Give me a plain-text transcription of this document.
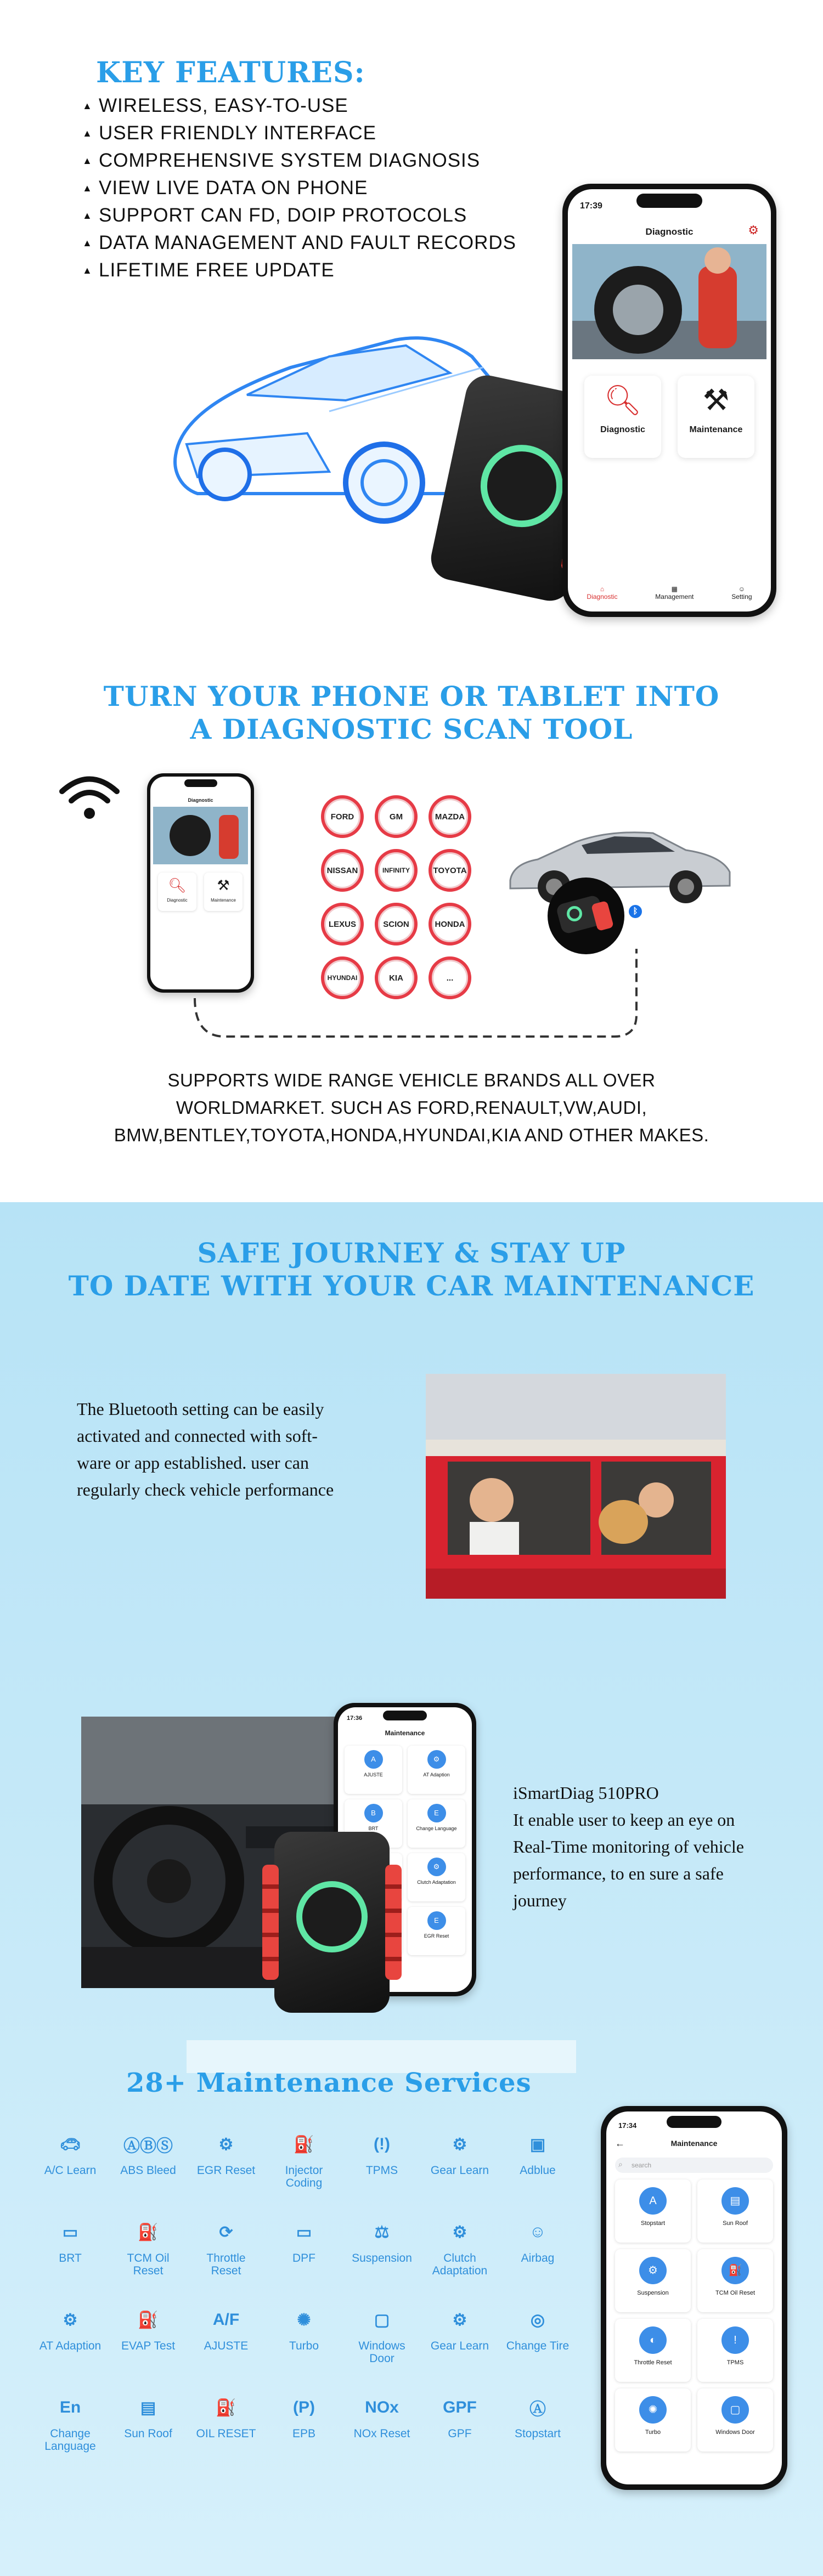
KEY FEATURES:
▲ WIRELESS, EASY-TO-USE
▲ USER FRIENDLY INTERFACE
▲ COMPREHENSIVE SYSTEM DIAGNOSIS
▲ VIEW LIVE DATA ON PHONE
▲ SUPPORT CAN FD, DOIP PROTOCOLS
▲ DATA MANAGEMENT AND FAULT RECORDS
▲ LIFETIME FREE UPDATE
17:39
Diagnostic	⚙
🔍︎
Diagnostic
⚒
Maintenance
⌂
Diagnostic
▦
Management
☺
Setting
TURN YOUR PHONE OR TABLET INTO
A DIAGNOSTIC SCAN TOOL
Diagnostic
🔍︎
Diagnostic
⚒
Maintenance
FORD	GM	MAZDA
NISSAN	INFINITY	TOYOTA
LEXUS	SCION	HONDA
HYUNDAI	KIA	...
ᛒ
SUPPORTS WIDE RANGE VEHICLE BRANDS ALL OVER
WORLDMARKET. SUCH AS FORD,RENAULT,VW,AUDI,
BMW,BENTLEY,TOYOTA,HONDA,HYUNDAI,KIA AND OTHER MAKES.
SAFE JOURNEY & STAY UP
TO DATE WITH YOUR CAR MAINTENANCE
The Bluetooth setting can be easily
activated and connected with soft-
ware or app established. user can
regularly check vehicle performance
17:36
Maintenance
A
AJUSTE
⚙
AT Adaption
B
BRT
E
Change Language
⚙
Clutch Adaptation
E
EGR Reset
iSmartDiag 510PRO
It enable user to keep an eye on
Real-Time monitoring of vehicle
performance, to en sure a safe
journey
28+ Maintenance Services
🚗︎
A/C Learn
ⒶⒷⓈ
ABS Bleed
⚙
EGR Reset
⛽
Injector Coding
(!)
TPMS
⚙
Gear Learn
▣
Adblue
▭
BRT
⛽
TCM Oil Reset
⟳
Throttle Reset
▭
DPF
⚖
Suspension
⚙
Clutch Adaptation
☺
Airbag
⚙
AT Adaption
⛽
EVAP Test
A/F
AJUSTE
✺
Turbo
▢
Windows Door
⚙
Gear Learn
◎
Change Tire
En
Change Language
▤
Sun Roof
⛽
OIL RESET
(P)
EPB
NOx
NOx Reset
GPF
GPF
Ⓐ
Stopstart
17:34
←	Maintenance
search
⌕
A
Stopstart
▤
Sun Roof
⚙
Suspension
⛽
TCM Oil Reset
◐
Throttle Reset
!
TPMS
✺
Turbo
▢
Windows Door
